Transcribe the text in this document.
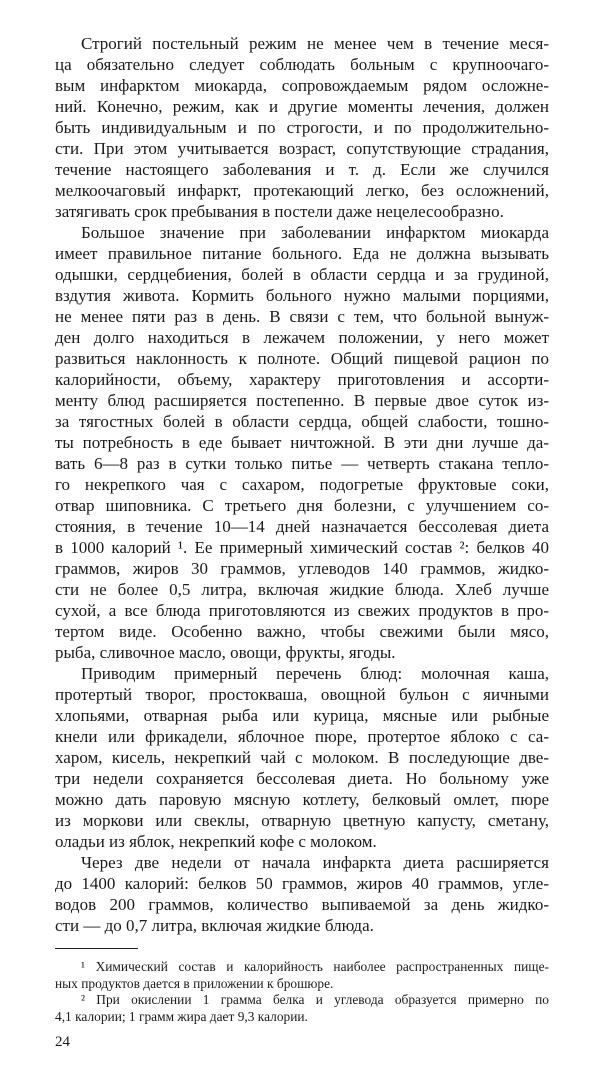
Строгий постельный режим не менее чем в течение меся-
ца обязательно следует соблюдать больным с крупноочаго-
вым инфарктом миокарда, сопровождаемым рядом осложне-
ний. Конечно, режим, как и другие моменты лечения, должен
быть индивидуальным и по строгости, и по продолжительно-
сти. При этом учитывается возраст, сопутствующие страдания,
течение настоящего заболевания и т. д. Если же случился
мелкоочаговый инфаркт, протекающий легко, без осложнений,
затягивать срок пребывания в постели даже нецелесообразно.
Большое значение при заболевании инфарктом миокарда
имеет правильное питание больного. Еда не должна вызывать
одышки, сердцебиения, болей в области сердца и за грудиной,
вздутия живота. Кормить больного нужно малыми порциями,
не менее пяти раз в день. В связи с тем, что больной вынуж-
ден долго находиться в лежачем положении, у него может
развиться наклонность к полноте. Общий пищевой рацион по
калорийности, объему, характеру приготовления и ассорти-
менту блюд расширяется постепенно. В первые двое суток из-
за тягостных болей в области сердца, общей слабости, тошно-
ты потребность в еде бывает ничтожной. В эти дни лучше да-
вать 6—8 раз в сутки только питье — четверть стакана тепло-
го некрепкого чая с сахаром, подогретые фруктовые соки,
отвар шиповника. С третьего дня болезни, с улучшением со-
стояния, в течение 10—14 дней назначается бессолевая диета
в 1000 калорий ¹. Ее примерный химический состав ²: белков 40
граммов, жиров 30 граммов, углеводов 140 граммов, жидко-
сти не более 0,5 литра, включая жидкие блюда. Хлеб лучше
сухой, а все блюда приготовляются из свежих продуктов в про-
тертом виде. Особенно важно, чтобы свежими были мясо,
рыба, сливочное масло, овощи, фрукты, ягоды.
Приводим примерный перечень блюд: молочная каша,
протертый творог, простокваша, овощной бульон с яичными
хлопьями, отварная рыба или курица, мясные или рыбные
кнели или фрикадели, яблочное пюре, протертое яблоко с са-
харом, кисель, некрепкий чай с молоком. В последующие две-
три недели сохраняется бессолевая диета. Но больному уже
можно дать паровую мясную котлету, белковый омлет, пюре
из моркови или свеклы, отварную цветную капусту, сметану,
оладьи из яблок, некрепкий кофе с молоком.
Через две недели от начала инфаркта диета расширяется
до 1400 калорий: белков 50 граммов, жиров 40 граммов, угле-
водов 200 граммов, количество выпиваемой за день жидко-
сти — до 0,7 литра, включая жидкие блюда.
¹ Химический состав и калорийность наиболее распространенных пище-
ных продуктов дается в приложении к брошюре.
² При окислении 1 грамма белка и углевода образуется примерно по
4,1 калории; 1 грамм жира дает 9,3 калории.
24
